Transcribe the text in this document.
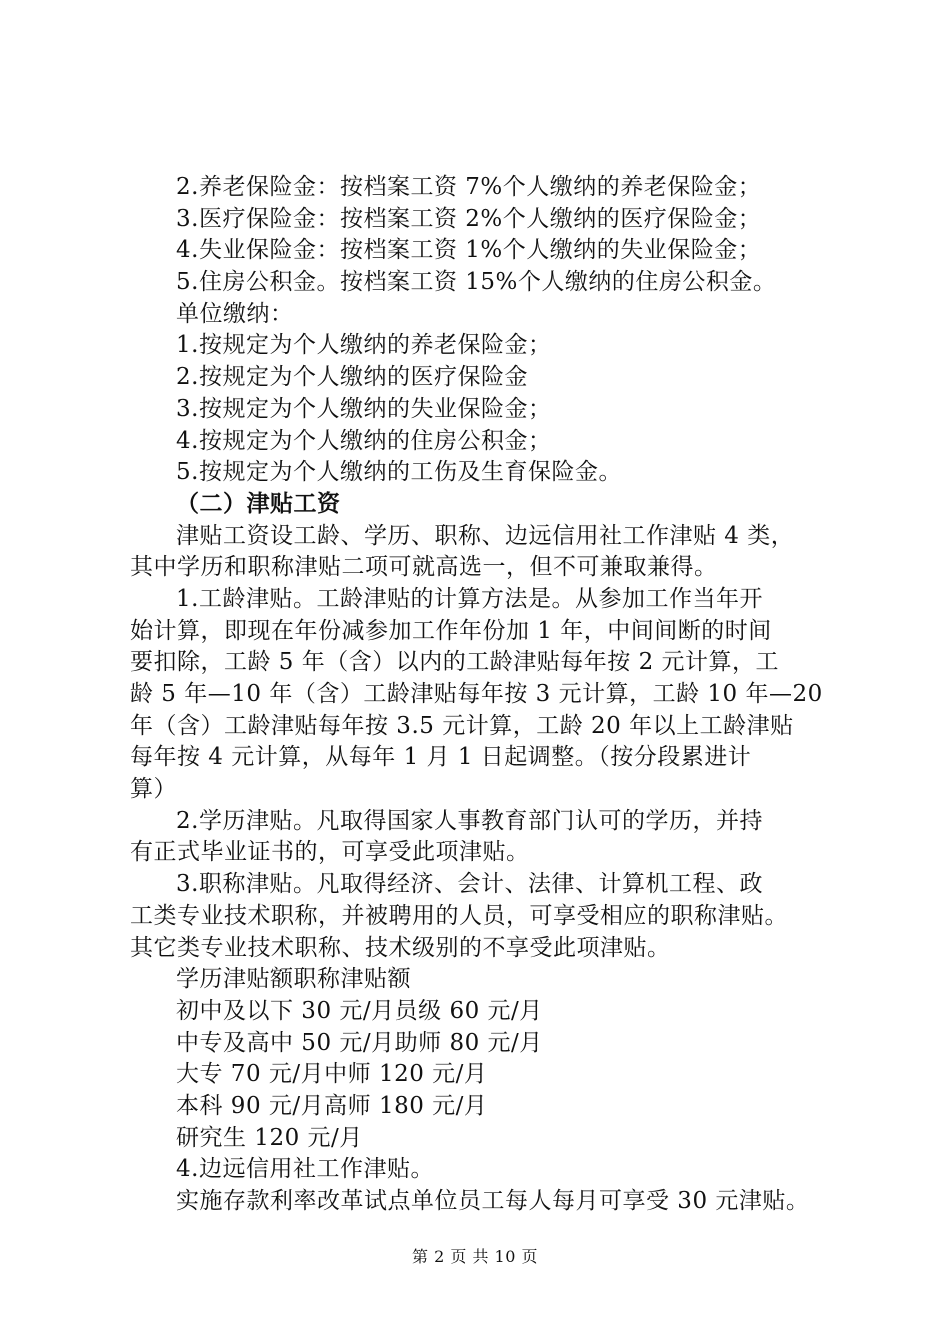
2.养老保险金：按档案工资 7%个人缴纳的养老保险金；
3.医疗保险金：按档案工资 2%个人缴纳的医疗保险金；
4.失业保险金：按档案工资 1%个人缴纳的失业保险金；
5.住房公积金。按档案工资 15%个人缴纳的住房公积金。
单位缴纳：
1.按规定为个人缴纳的养老保险金；
2.按规定为个人缴纳的医疗保险金
3.按规定为个人缴纳的失业保险金；
4.按规定为个人缴纳的住房公积金；
5.按规定为个人缴纳的工伤及生育保险金。
（二）津贴工资
津贴工资设工龄、学历、职称、边远信用社工作津贴 4 类，
其中学历和职称津贴二项可就高选一，但不可兼取兼得。
1.工龄津贴。工龄津贴的计算方法是。从参加工作当年开
始计算，即现在年份减参加工作年份加 1 年，中间间断的时间
要扣除，工龄 5 年（含）以内的工龄津贴每年按 2 元计算，工
龄 5 年—10 年（含）工龄津贴每年按 3 元计算，工龄 10 年—20
年（含）工龄津贴每年按 3.5 元计算，工龄 20 年以上工龄津贴
每年按 4 元计算，从每年 1 月 1 日起调整。（按分段累进计
算）
2.学历津贴。凡取得国家人事教育部门认可的学历，并持
有正式毕业证书的，可享受此项津贴。
3.职称津贴。凡取得经济、会计、法律、计算机工程、政
工类专业技术职称，并被聘用的人员，可享受相应的职称津贴。
其它类专业技术职称、技术级别的不享受此项津贴。
学历津贴额职称津贴额
初中及以下 30 元/月员级 60 元/月
中专及高中 50 元/月助师 80 元/月
大专 70 元/月中师 120 元/月
本科 90 元/月高师 180 元/月
研究生 120 元/月
4.边远信用社工作津贴。
实施存款利率改革试点单位员工每人每月可享受 30 元津贴。
第 2 页 共 10 页
